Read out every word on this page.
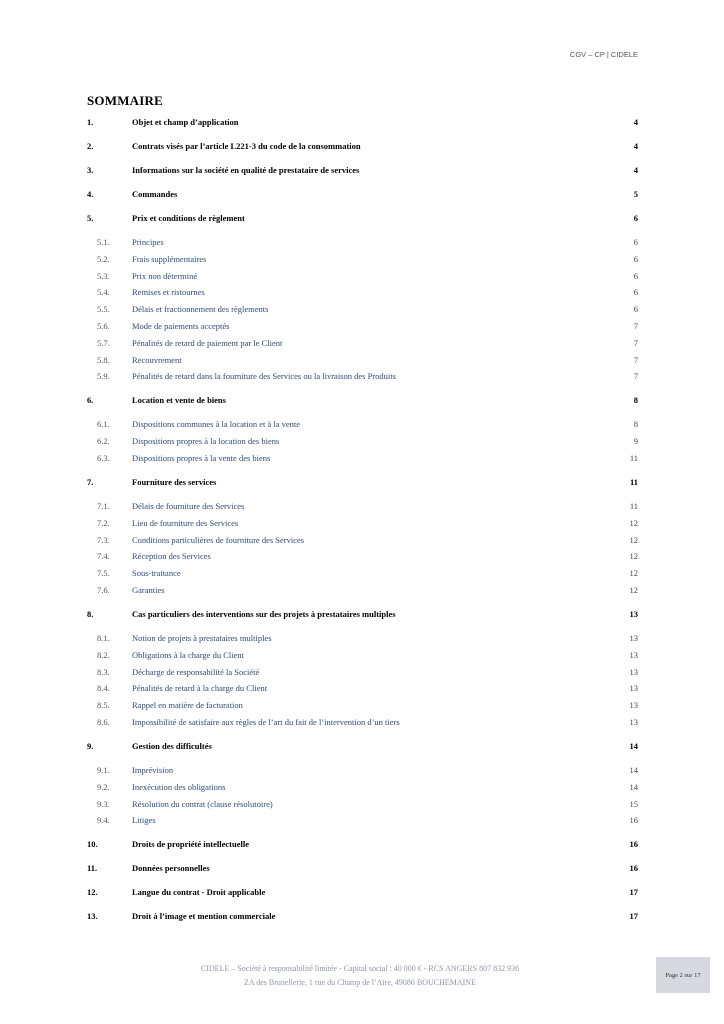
CGV – CP | CIDELE
SOMMAIRE
1.	Objet et champ d’application	4
2.	Contrats visés par l’article L221-3 du code de la consommation	4
3.	Informations sur la société en qualité de prestataire de services	4
4.	Commandes	5
5.	Prix et conditions de règlement	6
5.1.	Principes	6
5.2.	Frais supplémentaires	6
5.3.	Prix non déterminé	6
5.4.	Remises et ristournes	6
5.5.	Délais et fractionnement des règlements	6
5.6.	Mode de paiements acceptés	7
5.7.	Pénalités de retard de paiement par le Client	7
5.8.	Recouvrement	7
5.9.	Pénalités de retard dans la fourniture des Services ou la livraison des Produits	7
6.	Location et vente de biens	8
6.1.	Dispositions communes à la location et à la vente	8
6.2.	Dispositions propres à la location des biens	9
6.3.	Dispositions propres à la vente des biens	11
7.	Fourniture des services	11
7.1.	Délais de fourniture des Services	11
7.2.	Lieu de fourniture des Services	12
7.3.	Conditions particulières de fourniture des Services	12
7.4.	Réception des Services	12
7.5.	Sous-traitance	12
7.6.	Garanties	12
8.	Cas particuliers des interventions sur des projets à prestataires multiples	13
8.1.	Notion de projets à prestataires multiples	13
8.2.	Obligations à la charge du Client	13
8.3.	Décharge de responsabilité la Société	13
8.4.	Pénalités de retard à la charge du Client	13
8.5.	Rappel en matière de facturation	13
8.6.	Impossibilité de satisfaire aux règles de l’art du fait de l’intervention d’un tiers	13
9.	Gestion des difficultés	14
9.1.	Imprévision	14
9.2.	Inexécution des obligations	14
9.3.	Résolution du contrat (clause résolutoire)	15
9.4.	Litiges	16
10.	Droits de propriété intellectuelle	16
11.	Données personnelles	16
12.	Langue du contrat - Droit applicable	17
13.	Droit à l’image et mention commerciale	17
CIDELE – Société à responsabilité limitée - Capital social : 40 000 € - RCS ANGERS 807 832 936
ZA des Brunellerie, 1 rue du Champ de l’Aire, 49080 BOUCHEMAINE
Page 2 sur 17
